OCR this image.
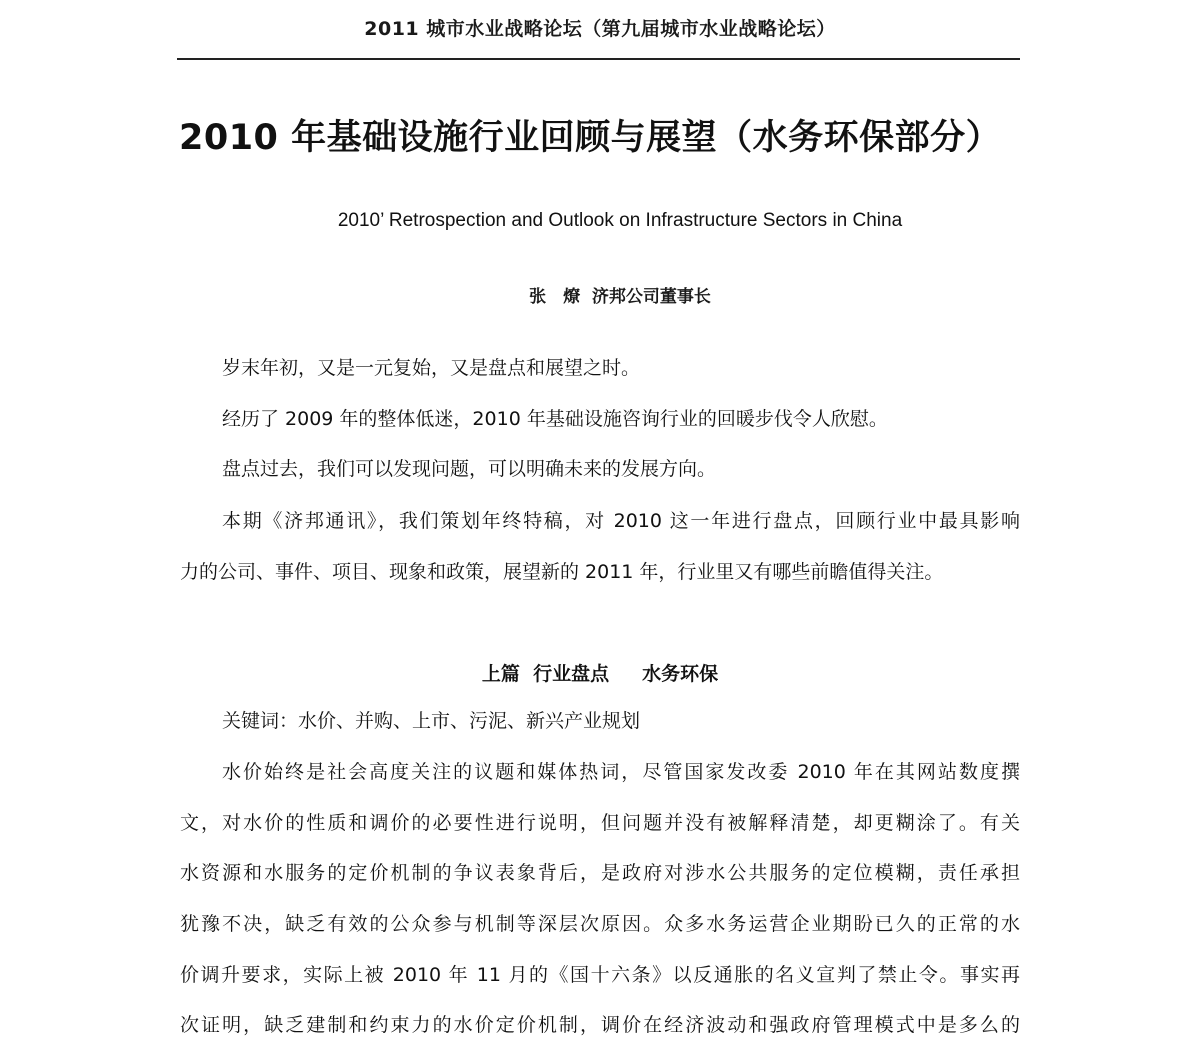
2011 城市水业战略论坛（第九届城市水业战略论坛）
2010 年基础设施行业回顾与展望（水务环保部分）
2010’ Retrospection and Outlook on Infrastructure Sectors in China
张　燎  济邦公司董事长
岁末年初，又是一元复始，又是盘点和展望之时。
经历了 2009 年的整体低迷，2010 年基础设施咨询行业的回暖步伐令人欣慰。
盘点过去，我们可以发现问题，可以明确未来的发展方向。
本期《济邦通讯》，我们策划年终特稿，对 2010 这一年进行盘点，回顾行业中最具影响
力的公司、事件、项目、现象和政策，展望新的 2011 年，行业里又有哪些前瞻值得关注。
上篇  行业盘点     水务环保
关键词：水价、并购、上市、污泥、新兴产业规划
水价始终是社会高度关注的议题和媒体热词，尽管国家发改委 2010 年在其网站数度撰
文，对水价的性质和调价的必要性进行说明，但问题并没有被解释清楚，却更糊涂了。有关
水资源和水服务的定价机制的争议表象背后，是政府对涉水公共服务的定位模糊，责任承担
犹豫不决，缺乏有效的公众参与机制等深层次原因。众多水务运营企业期盼已久的正常的水
价调升要求，实际上被 2010 年 11 月的《国十六条》以反通胀的名义宣判了禁止令。事实再
次证明，缺乏建制和约束力的水价定价机制，调价在经济波动和强政府管理模式中是多么的
